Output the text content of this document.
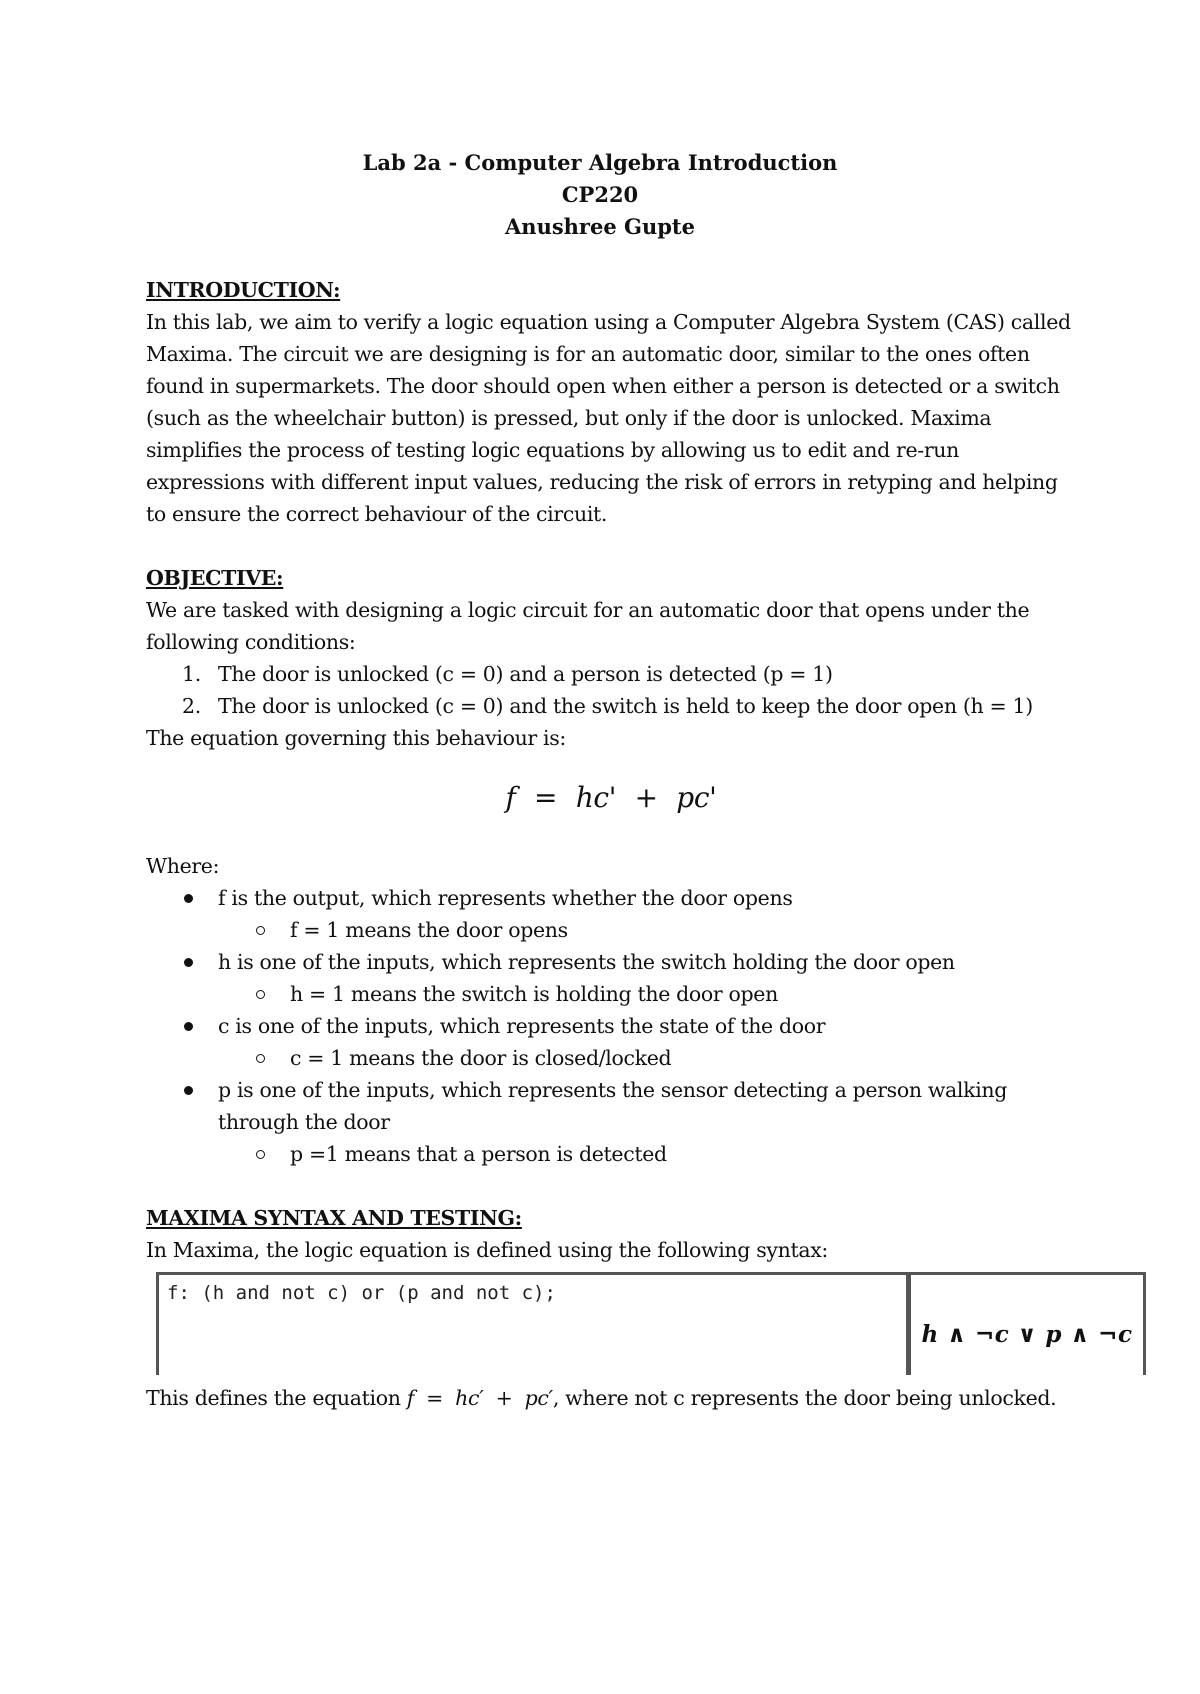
Lab 2a - Computer Algebra Introduction
CP220
Anushree Gupte
INTRODUCTION:

In this lab, we aim to verify a logic equation using a Computer Algebra System (CAS) called Maxima. The circuit we are designing is for an automatic door, similar to the ones often found in supermarkets. The door should open when either a person is detected or a switch (such as the wheelchair button) is pressed, but only if the door is unlocked. Maxima simplifies the process of testing logic equations by allowing us to edit and re-run expressions with different input values, reducing the risk of errors in retyping and helping to ensure the correct behaviour of the circuit.

OBJECTIVE:

We are tasked with designing a logic circuit for an automatic door that opens under the following conditions:

1. The door is unlocked (c = 0) and a person is detected (p = 1)
2. The door is unlocked (c = 0) and the switch is held to keep the door open (h = 1)

The equation governing this behaviour is:

f = hc' + pc'

Where:

f is the output, which represents whether the door opens
f = 1 means the door opens
h is one of the inputs, which represents the switch holding the door open
h = 1 means the switch is holding the door open
c is one of the inputs, which represents the state of the door
c = 1 means the door is closed/locked
p is one of the inputs, which represents the sensor detecting a person walking through the door
p =1 means that a person is detected
MAXIMA SYNTAX AND TESTING:

In Maxima, the logic equation is defined using the following syntax:

f: (h and not c) or (p and not c);
h ∧ ¬c ∨ p ∧ ¬c

This defines the equation f = hc′ + pc′, where not c represents the door being unlocked.
